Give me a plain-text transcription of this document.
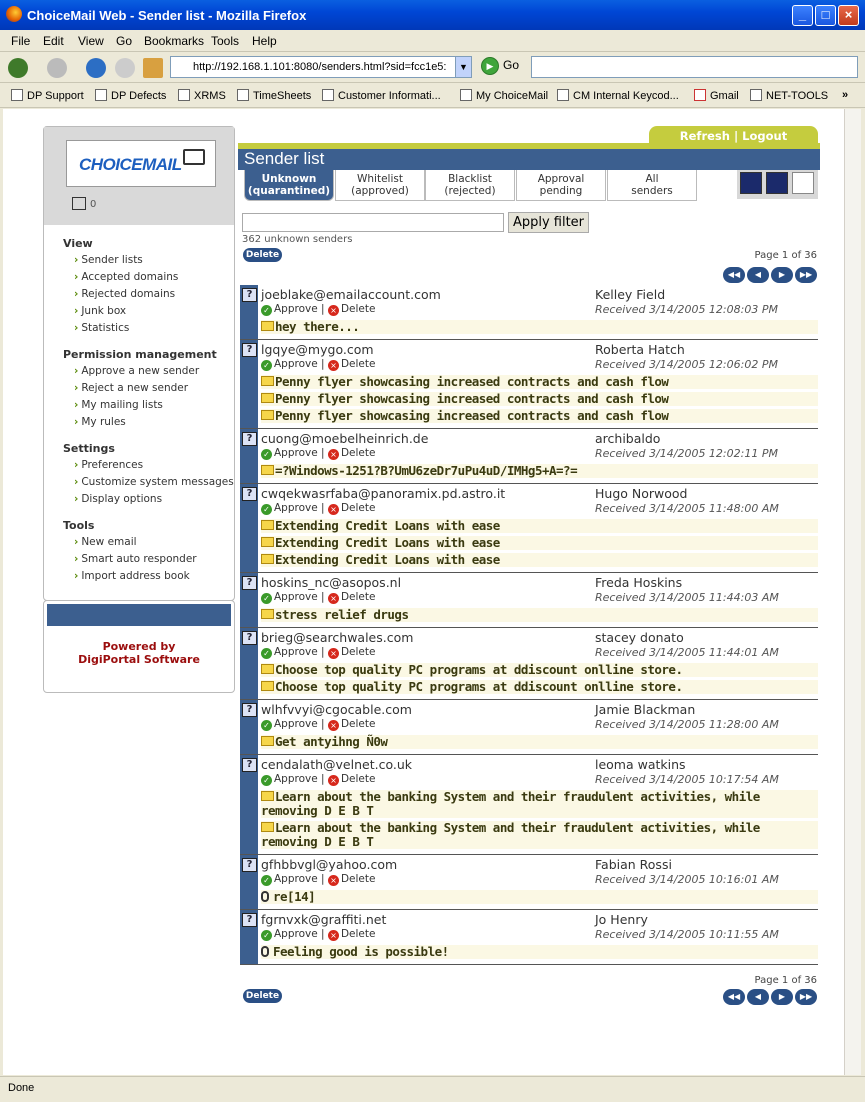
ChoiceMail Web - Sender list - Mozilla Firefox	_	□	×
File Edit View Go Bookmarks Tools Help
http://192.168.1.101:8080/senders.html?sid=fcc1e5:	▼	▶ Go
DP Support	DP Defects	XRMS	TimeSheets	Customer Informati...	My ChoiceMail	CM Internal Keycod...	Gmail	NET-TOOLS »
CHOICEMAIL
0
View
› Sender lists
› Accepted domains
› Rejected domains
› Junk box
› Statistics
Permission management
› Approve a new sender
› Reject a new sender
› My mailing lists
› My rules
Settings
› Preferences
› Customize system messages
› Display options
Tools
› New email
› Smart auto responder
› Import address book
Powered by
DigiPortal Software
Refresh | Logout
Sender list
Unknown
(quarantined)
Whitelist
(approved)
Blacklist
(rejected)
Approval
pending
All
senders
Apply filter
362 unknown senders
Delete	Page 1 of 36
◀◀	◀	▶	▶▶
? joeblake@emailaccount.com	Kelley Field
✓ Approve | × Delete	Received 3/14/2005 12:08:03 PM
hey there...
? lgqye@mygo.com	Roberta Hatch
✓ Approve | × Delete	Received 3/14/2005 12:06:02 PM
Penny flyer showcasing increased contracts and cash flow
Penny flyer showcasing increased contracts and cash flow
Penny flyer showcasing increased contracts and cash flow
? cuong@moebelheinrich.de	archibaldo
✓ Approve | × Delete	Received 3/14/2005 12:02:11 PM
=?Windows-1251?B?UmU6zeDr7uPu4uD/IMHg5+A=?=
? cwqekwasrfaba@panoramix.pd.astro.it	Hugo Norwood
✓ Approve | × Delete	Received 3/14/2005 11:48:00 AM
Extending Credit Loans with ease
Extending Credit Loans with ease
Extending Credit Loans with ease
? hoskins_nc@asopos.nl	Freda Hoskins
✓ Approve | × Delete	Received 3/14/2005 11:44:03 AM
stress relief drugs
? brieg@searchwales.com	stacey donato
✓ Approve | × Delete	Received 3/14/2005 11:44:01 AM
Choose top quality PC programs at ddiscount onlline store.
Choose top quality PC programs at ddiscount onlline store.
? wlhfvvyi@cgocable.com	Jamie Blackman
✓ Approve | × Delete	Received 3/14/2005 11:28:00 AM
Get antyihng Ñ0w
? cendalath@velnet.co.uk	leoma watkins
✓ Approve | × Delete	Received 3/14/2005 10:17:54 AM
Learn about the banking System and their fraudulent activities, while removing D E B T
Learn about the banking System and their fraudulent activities, while removing D E B T
? gfhbbvgl@yahoo.com	Fabian Rossi
✓ Approve | × Delete	Received 3/14/2005 10:16:01 AM
re[14]
? fgrnvxk@graffiti.net	Jo Henry
✓ Approve | × Delete	Received 3/14/2005 10:11:55 AM
Feeling good is possible!
Delete
Page 1 of 36
◀◀	◀	▶	▶▶
Done
